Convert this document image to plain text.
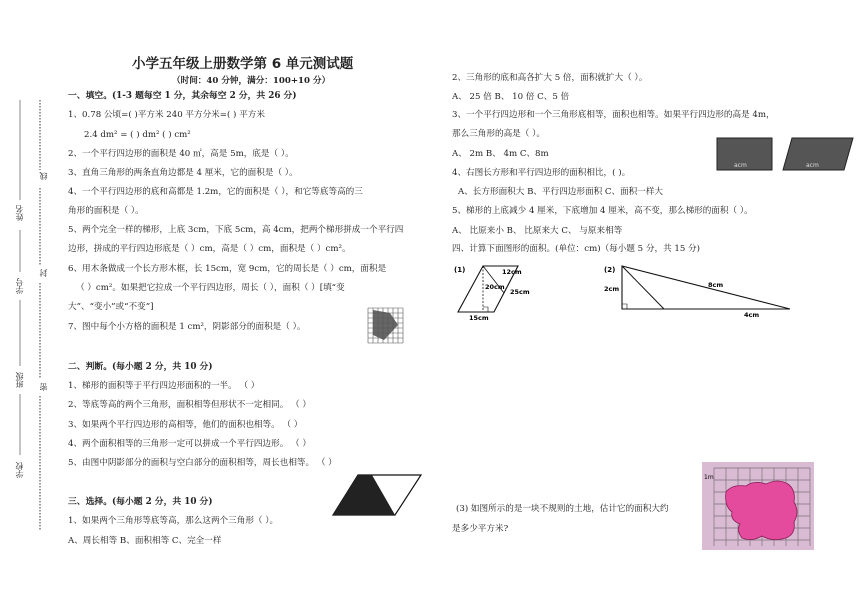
线
姓名
封
学号
密
班级
学校
小学五年级上册数学第 6 单元测试题
（时间：40 分钟，满分：100+10 分）
一、填空。(1-3 题每空 1 分，其余每空 2 分，共 26 分)
1、0.78 公顷=( )平方米 240 平方分米=( ) 平方米
2.4 dm² = ( ) dm² ( ) cm²
2、一个平行四边形的面积是 40 ㎡，高是 5m，底是（ ）。
3、直角三角形的两条直角边都是 4 厘米，它的面积是（ ）。
4、一个平行四边形的底和高都是 1.2m，它的面积是（ ），和它等底等高的三
角形的面积是（ ）。
5、两个完全一样的梯形，上底 3cm，下底 5cm，高 4cm，把两个梯形拼成一个平行四
边形，拼成的平行四边形底是（ ）cm，高是（ ）cm，面积是（ ）cm²。
6、用木条做成一个长方形木框，长 15cm，宽 9cm，它的周长是（ ）cm，面积是
（ ）cm²。如果把它拉成一个平行四边形，周长（ ），面积（ ）[填“变
大”、“变小”或“不变”]
7、图中每个小方格的面积是 1 cm²，阴影部分的面积是（ ）。
二、判断。(每小题 2 分，共 10 分)
1、梯形的面积等于平行四边形面积的一半。 （ ）
2、等底等高的两个三角形，面积相等但形状不一定相同。 （ ）
3、如果两个平行四边形的高相等，他们的面积也相等。 （ ）
4、两个面积相等的三角形一定可以拼成一个平行四边形。 （ ）
5、由图中阴影部分的面积与空白部分的面积相等，周长也相等。 （ ）
三、选择。(每小题 2 分，共 10 分)
1、如果两个三角形等底等高，那么这两个三角形（ ）。
A、周长相等 B、面积相等 C、完全一样
2、三角形的底和高各扩大 5 倍，面积就扩大（ ）。
A、 25 倍 B、 10 倍 C、5 倍
3、一个平行四边形和一个三角形底相等，面积也相等。如果平行四边形的高是 4m，
那么三角形的高是（ ）。
A、 2m B、 4m C、8m
4、右图长方形和平行四边形的面积相比，( )。
A、长方形面积大 B、平行四边形面积 C、面积一样大
5、梯形的上底减少 4 厘米，下底增加 4 厘米，高不变，那么梯形的面积（ ）。
A、 比原来小 B、 比原来大 C、 与原来相等
四、计算下面图形的面积。(单位：cm)（每小题 5 分，共 15 分)
acm	acm
(1)	12cm
20cm
25cm
15cm
(2)
2cm	8cm
4cm
(3) 如图所示的是一块不规则的土地，估计它的面积大约
是多少平方米?
1m
